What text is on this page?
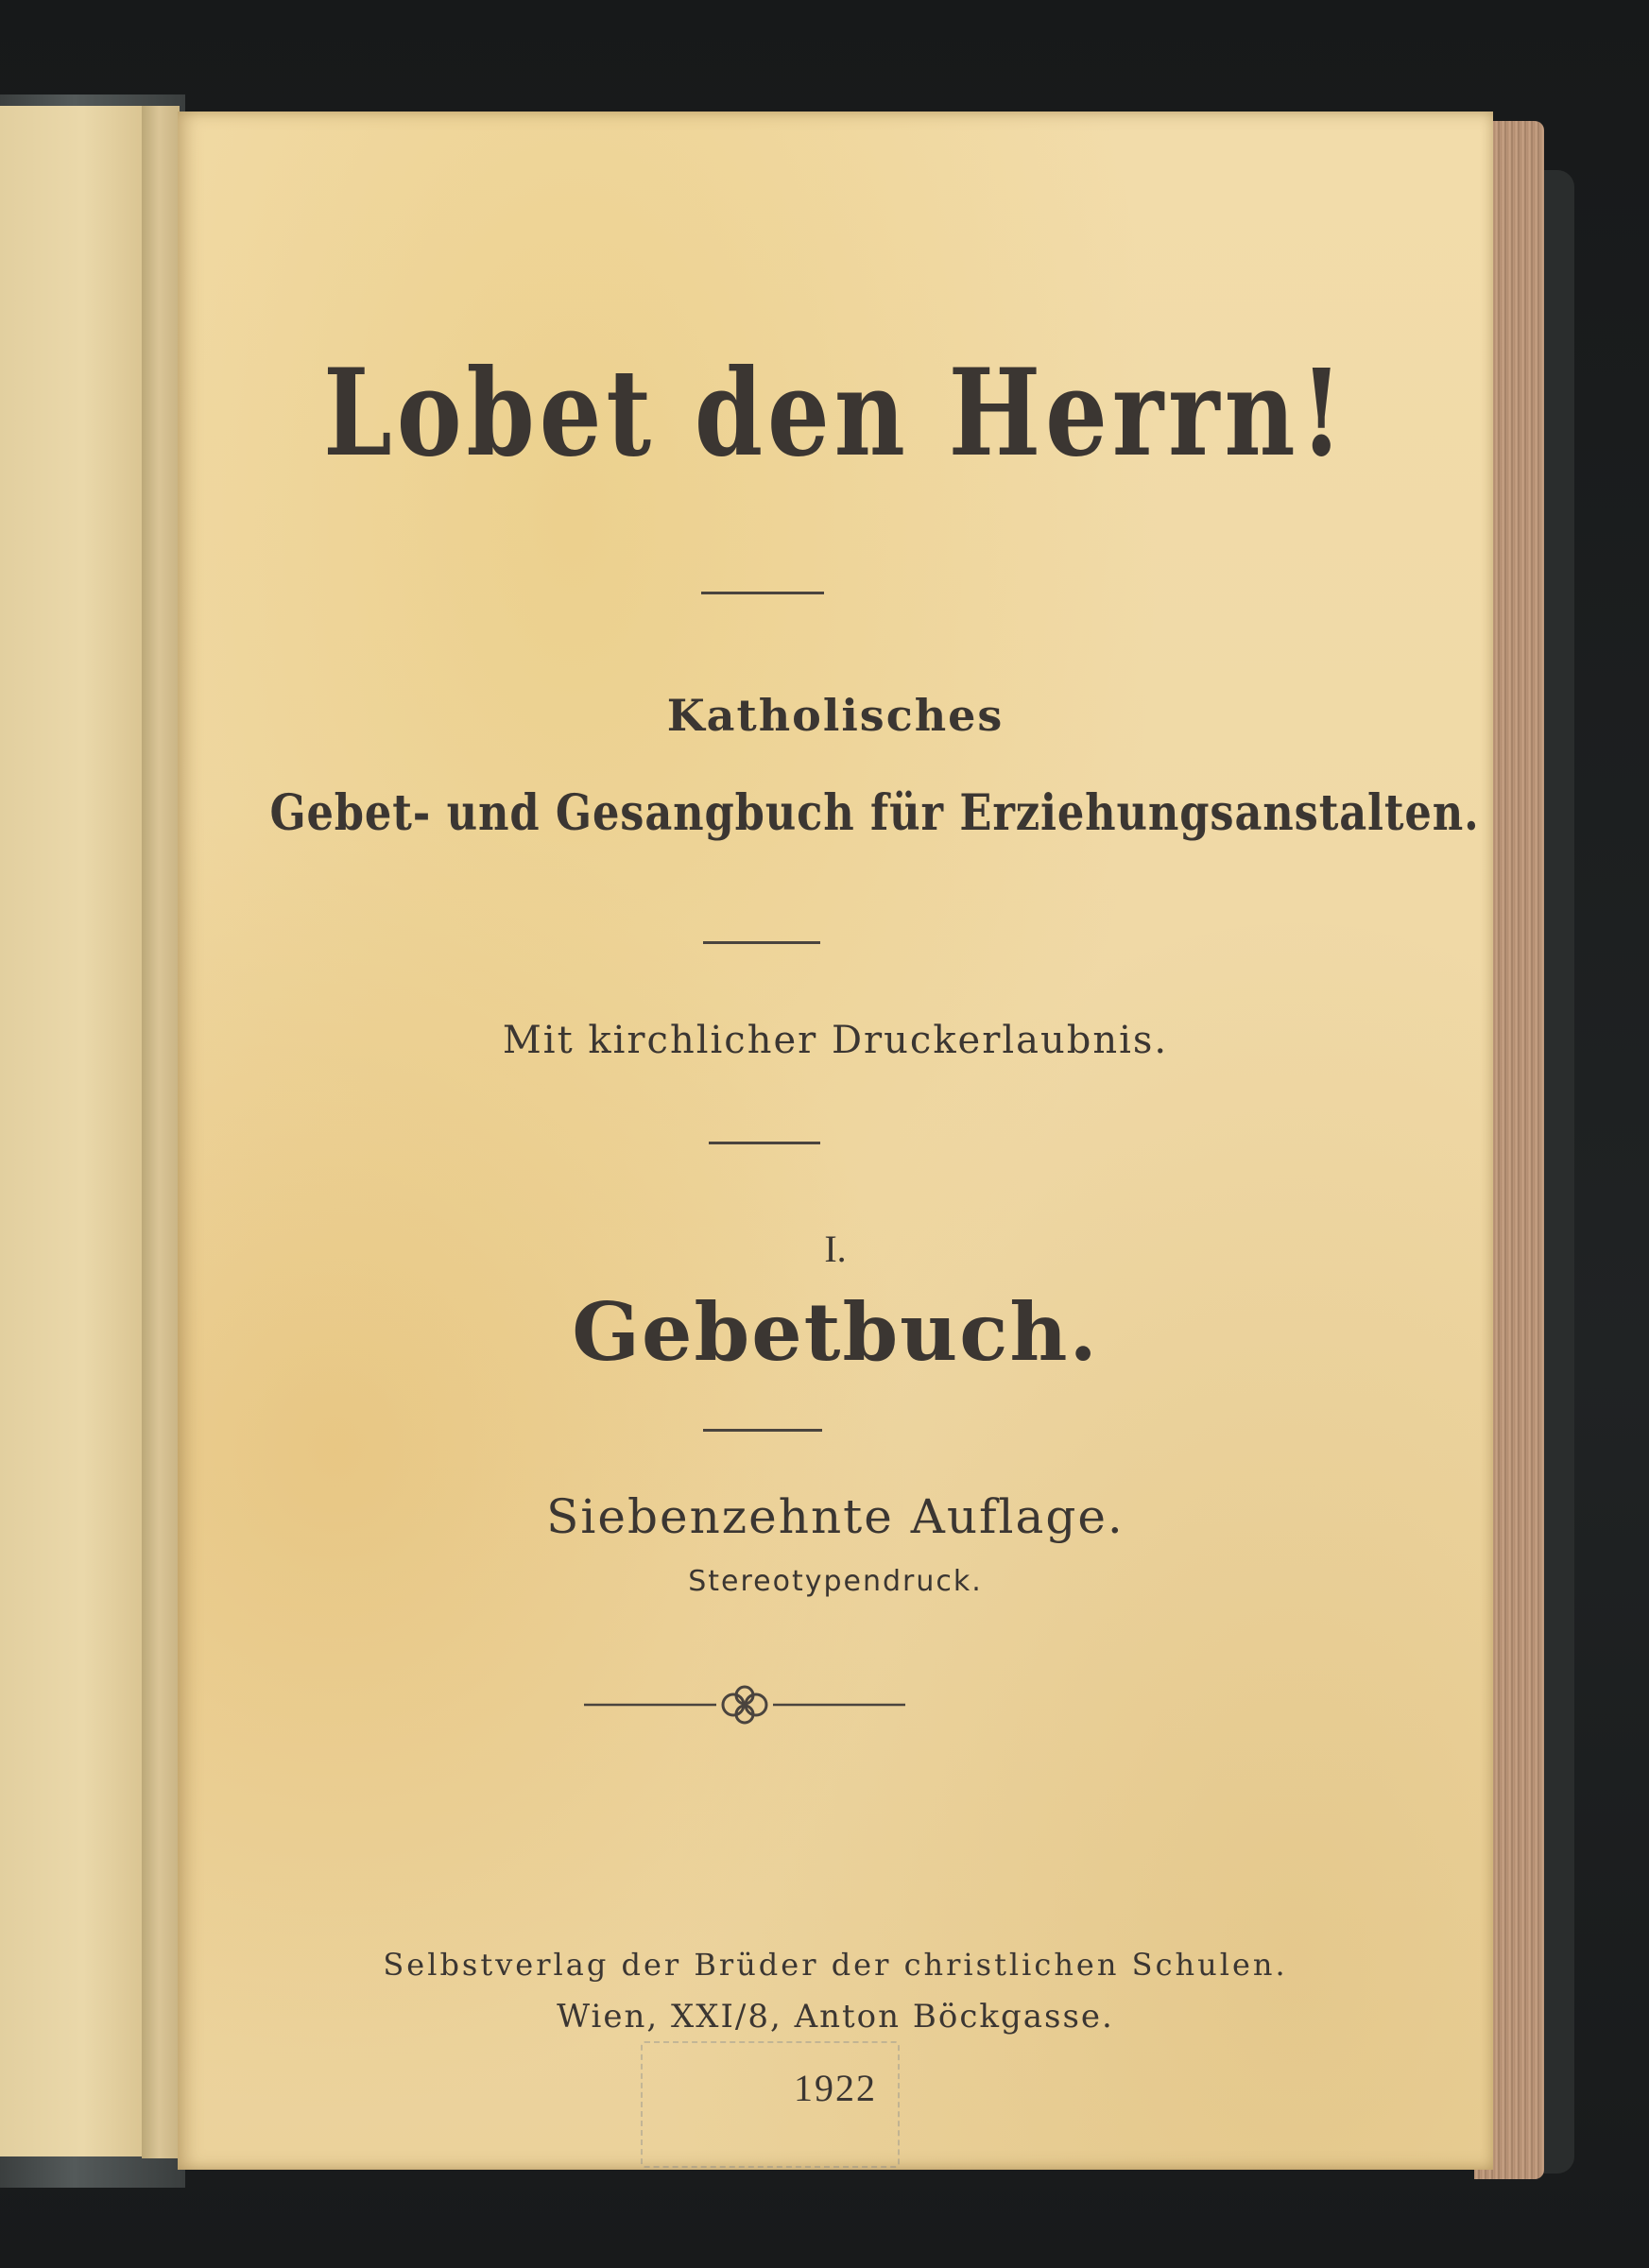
Lobet den Herrn!
Katholisches
Gebet- und Gesangbuch für Erziehungsanstalten.
Mit kirchlicher Druckerlaubnis.
I.
Gebetbuch.
Siebenzehnte Auflage.
Stereotypendruck.
Selbstverlag der Brüder der christlichen Schulen.
Wien, XXI/8, Anton Böckgasse.
1922
